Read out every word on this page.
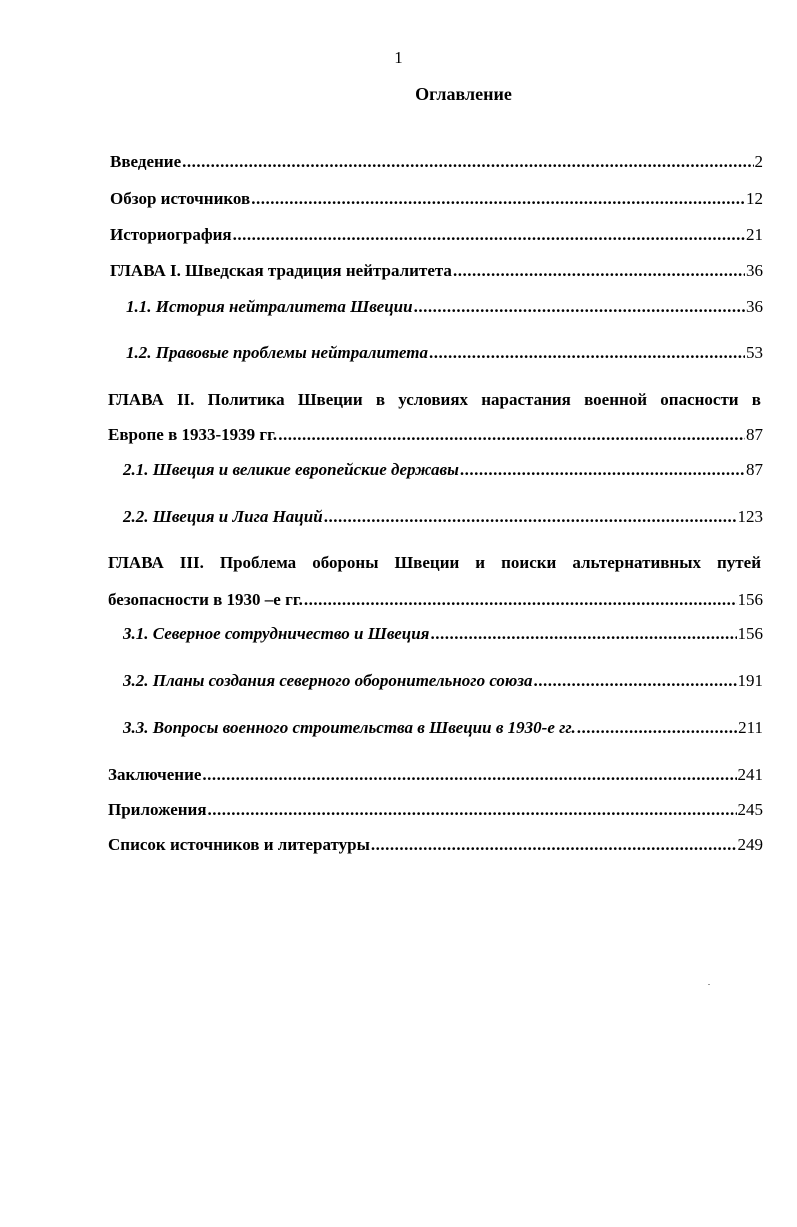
1
Оглавление
Введение .....	2
Обзор источников .....	12
Историография .....	21
ГЛАВА I. Шведская традиция нейтралитета .....	36
1.1. История нейтралитета Швеции .....	36
1.2. Правовые проблемы нейтралитета .....	53
ГЛАВА II. Политика Швеции в условиях нарастания военной опасности в
Европе в 1933-1939 гг. .....	87
2.1. Швеция и великие европейские державы .....	87
2.2. Швеция и Лига Наций .....	123
ГЛАВА III. Проблема обороны Швеции и поиски альтернативных путей
безопасности в 1930 –е гг. .....	156
3.1. Северное сотрудничество и Швеция .....	156
3.2. Планы создания северного оборонительного союза .....	191
3.3. Вопросы военного строительства в Швеции в 1930-е гг. .....	211
Заключение .....	241
Приложения .....	245
Список источников и литературы .....	249
